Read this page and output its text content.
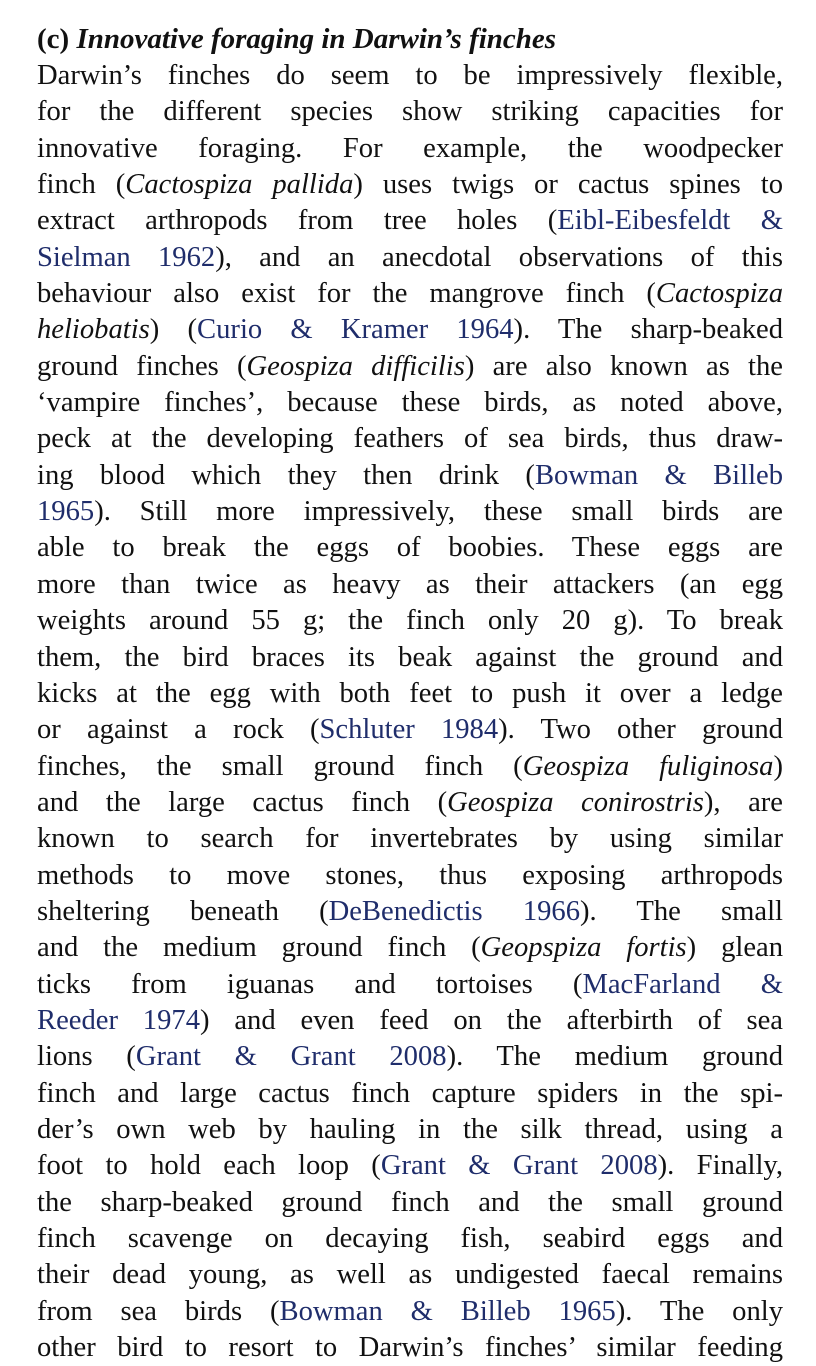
(c) Innovative foraging in Darwin’s finches
Darwin’s finches do seem to be impressively flexible,
for the different species show striking capacities for
innovative foraging. For example, the woodpecker
finch (Cactospiza pallida) uses twigs or cactus spines to
extract arthropods from tree holes (Eibl-Eibesfeldt &
Sielman 1962), and an anecdotal observations of this
behaviour also exist for the mangrove finch (Cactospiza
heliobatis) (Curio & Kramer 1964). The sharp-beaked
ground finches (Geospiza difficilis) are also known as the
‘vampire finches’, because these birds, as noted above,
peck at the developing feathers of sea birds, thus draw-
ing blood which they then drink (Bowman & Billeb
1965). Still more impressively, these small birds are
able to break the eggs of boobies. These eggs are
more than twice as heavy as their attackers (an egg
weights around 55 g; the finch only 20 g). To break
them, the bird braces its beak against the ground and
kicks at the egg with both feet to push it over a ledge
or against a rock (Schluter 1984). Two other ground
finches, the small ground finch (Geospiza fuliginosa)
and the large cactus finch (Geospiza conirostris), are
known to search for invertebrates by using similar
methods to move stones, thus exposing arthropods
sheltering beneath (DeBenedictis 1966). The small
and the medium ground finch (Geopspiza fortis) glean
ticks from iguanas and tortoises (MacFarland &
Reeder 1974) and even feed on the afterbirth of sea
lions (Grant & Grant 2008). The medium ground
finch and large cactus finch capture spiders in the spi-
der’s own web by hauling in the silk thread, using a
foot to hold each loop (Grant & Grant 2008). Finally,
the sharp-beaked ground finch and the small ground
finch scavenge on decaying fish, seabird eggs and
their dead young, as well as undigested faecal remains
from sea birds (Bowman & Billeb 1965). The only
other bird to resort to Darwin’s finches’ similar feeding
